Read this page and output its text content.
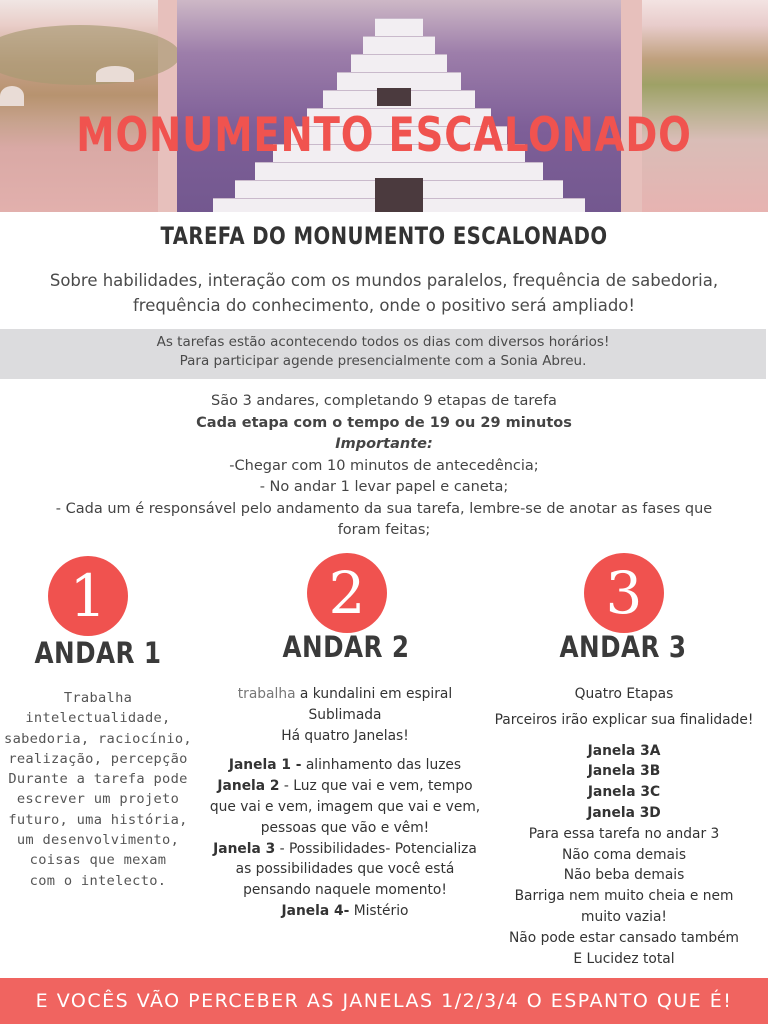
MONUMENTO ESCALONADO
TAREFA DO MONUMENTO ESCALONADO
Sobre habilidades, interação com os mundos paralelos, frequência de sabedoria,
frequência do conhecimento, onde o positivo será ampliado!
As tarefas estão acontecendo todos os dias com diversos horários!
Para participar agende presencialmente com a Sonia Abreu.
São 3 andares, completando 9 etapas de tarefa
Cada etapa com o tempo de 19 ou 29 minutos
Importante:
-Chegar com 10 minutos de antecedência;
- No andar 1 levar papel e caneta;
- Cada um é responsável pelo andamento da sua tarefa, lembre-se de anotar as fases que
foram feitas;
1
ANDAR 1
Trabalha
intelectualidade,
sabedoria, raciocínio,
realização, percepção
Durante a tarefa pode
escrever um projeto
futuro, uma história,
um desenvolvimento,
coisas que mexam
com o intelecto.
2
ANDAR 2
trabalha a kundalini em espiral
Sublimada
Há quatro Janelas!
Janela 1 - alinhamento das luzes
Janela 2 - Luz que vai e vem, tempo
que vai e vem, imagem que vai e vem,
pessoas que vão e vêm!
Janela 3 - Possibilidades- Potencializa
as possibilidades que você está
pensando naquele momento!
Janela 4- Mistério
3
ANDAR 3
Quatro Etapas
Parceiros irão explicar sua finalidade!
Janela 3A
Janela 3B
Janela 3C
Janela 3D
Para essa tarefa no andar 3
Não coma demais
Não beba demais
Barriga nem muito cheia e nem
muito vazia!
Não pode estar cansado também
E Lucidez total
E VOCÊS VÃO PERCEBER AS JANELAS 1/2/3/4 O ESPANTO QUE É!
